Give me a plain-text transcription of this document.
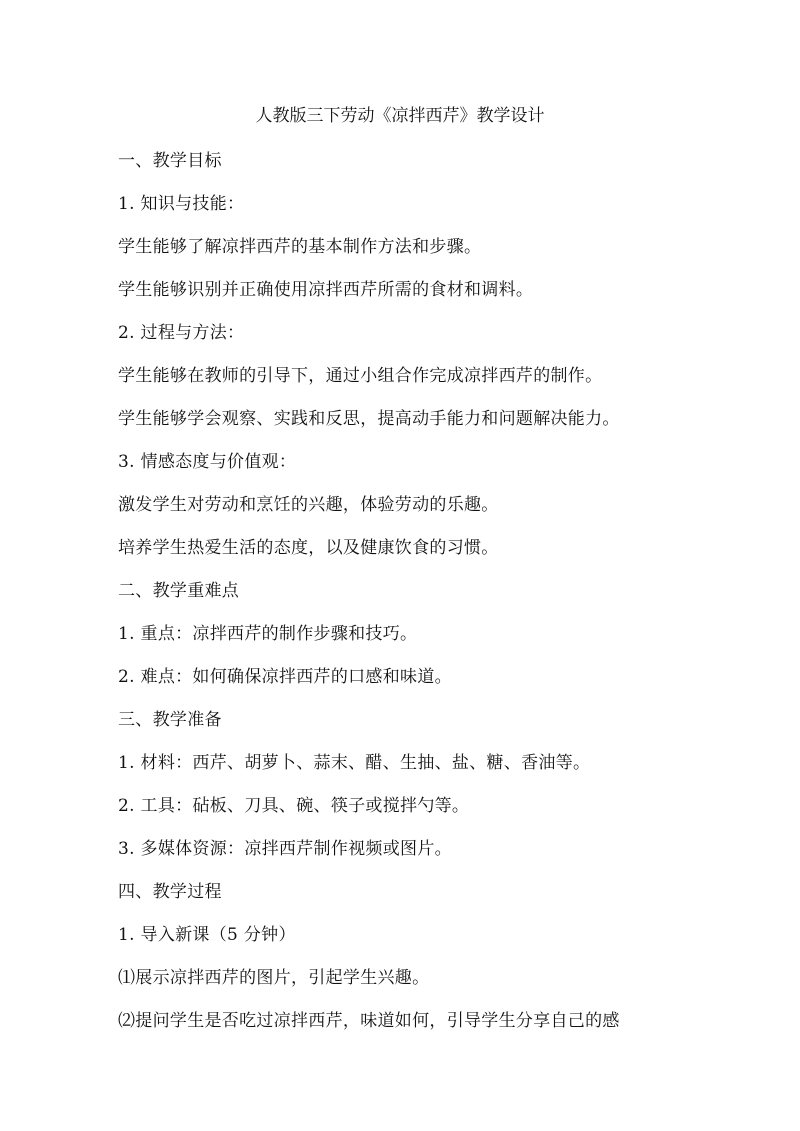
人教版三下劳动《凉拌西芹》教学设计
一、教学目标
1. 知识与技能：
学生能够了解凉拌西芹的基本制作方法和步骤。
学生能够识别并正确使用凉拌西芹所需的食材和调料。
2. 过程与方法：
学生能够在教师的引导下，通过小组合作完成凉拌西芹的制作。
学生能够学会观察、实践和反思，提高动手能力和问题解决能力。
3. 情感态度与价值观：
激发学生对劳动和烹饪的兴趣，体验劳动的乐趣。
培养学生热爱生活的态度，以及健康饮食的习惯。
二、教学重难点
1. 重点：凉拌西芹的制作步骤和技巧。
2. 难点：如何确保凉拌西芹的口感和味道。
三、教学准备
1. 材料：西芹、胡萝卜、蒜末、醋、生抽、盐、糖、香油等。
2. 工具：砧板、刀具、碗、筷子或搅拌勺等。
3. 多媒体资源：凉拌西芹制作视频或图片。
四、教学过程
1. 导入新课（5 分钟）
⑴展示凉拌西芹的图片，引起学生兴趣。
⑵提问学生是否吃过凉拌西芹，味道如何，引导学生分享自己的感
